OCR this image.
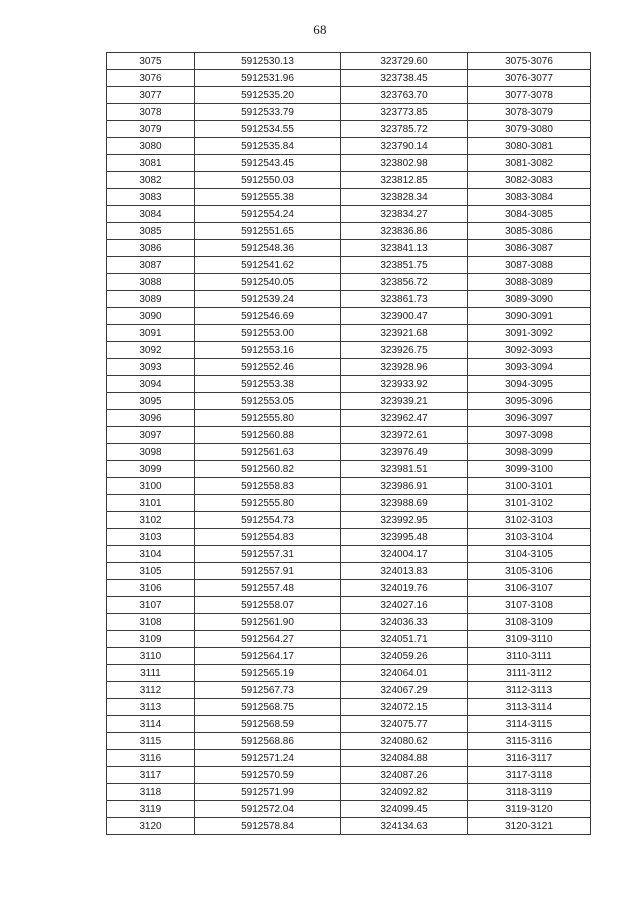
68
3075	5912530.13	323729.60	3075-3076
3076	5912531.96	323738.45	3076-3077
3077	5912535.20	323763.70	3077-3078
3078	5912533.79	323773.85	3078-3079
3079	5912534.55	323785.72	3079-3080
3080	5912535.84	323790.14	3080-3081
3081	5912543.45	323802.98	3081-3082
3082	5912550.03	323812.85	3082-3083
3083	5912555.38	323828.34	3083-3084
3084	5912554.24	323834.27	3084-3085
3085	5912551.65	323836.86	3085-3086
3086	5912548.36	323841.13	3086-3087
3087	5912541.62	323851.75	3087-3088
3088	5912540.05	323856.72	3088-3089
3089	5912539.24	323861.73	3089-3090
3090	5912546.69	323900.47	3090-3091
3091	5912553.00	323921.68	3091-3092
3092	5912553.16	323926.75	3092-3093
3093	5912552.46	323928.96	3093-3094
3094	5912553.38	323933.92	3094-3095
3095	5912553.05	323939.21	3095-3096
3096	5912555.80	323962.47	3096-3097
3097	5912560.88	323972.61	3097-3098
3098	5912561.63	323976.49	3098-3099
3099	5912560.82	323981.51	3099-3100
3100	5912558.83	323986.91	3100-3101
3101	5912555.80	323988.69	3101-3102
3102	5912554.73	323992.95	3102-3103
3103	5912554.83	323995.48	3103-3104
3104	5912557.31	324004.17	3104-3105
3105	5912557.91	324013.83	3105-3106
3106	5912557.48	324019.76	3106-3107
3107	5912558.07	324027.16	3107-3108
3108	5912561.90	324036.33	3108-3109
3109	5912564.27	324051.71	3109-3110
3110	5912564.17	324059.26	3110-3111
3111	5912565.19	324064.01	3111-3112
3112	5912567.73	324067.29	3112-3113
3113	5912568.75	324072.15	3113-3114
3114	5912568.59	324075.77	3114-3115
3115	5912568.86	324080.62	3115-3116
3116	5912571.24	324084.88	3116-3117
3117	5912570.59	324087.26	3117-3118
3118	5912571.99	324092.82	3118-3119
3119	5912572.04	324099.45	3119-3120
3120	5912578.84	324134.63	3120-3121
